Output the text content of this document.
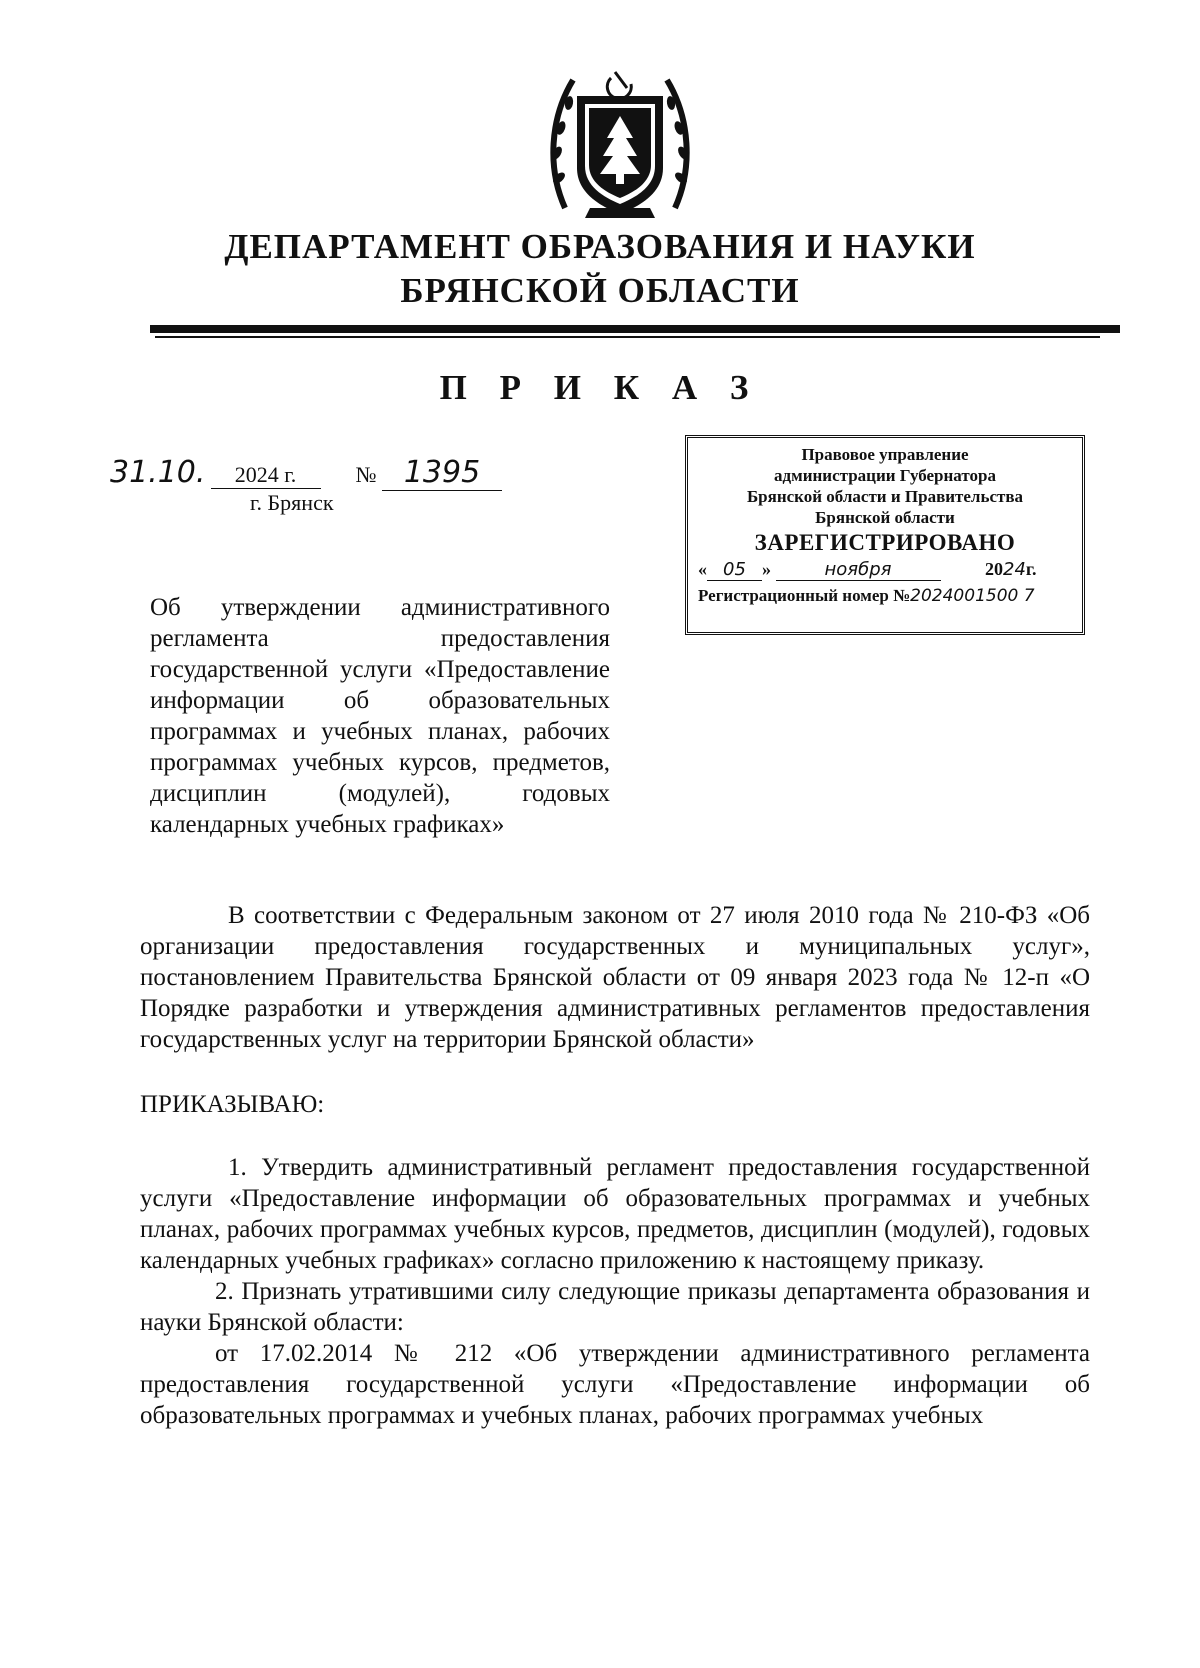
ДЕПАРТАМЕНТ ОБРАЗОВАНИЯ И НАУКИ
БРЯНСКОЙ ОБЛАСТИ
П Р И К А З
31.10. 2024 г.	№ 1395
г. Брянск
Правовое управление
администрации Губернатора
Брянской области и Правительства
Брянской области
ЗАРЕГИСТРИРОВАНО
« 05 »	ноября	2024г.
Регистрационный номер №2024001500 7
Об утверждении административного регламента предоставления государственной услуги «Предоставление информации об образовательных программах и учебных планах, рабочих программах учебных курсов, предметов, дисциплин (модулей), годовых календарных учебных графиках»

В соответствии с Федеральным законом от 27 июля 2010 года № 210-ФЗ «Об организации предоставления государственных и муниципальных услуг», постановлением Правительства Брянской области от 09 января 2023 года № 12-п «О Порядке разработки и утверждения административных регламентов предоставления государственных услуг на территории Брянской области»

ПРИКАЗЫВАЮ:

1. Утвердить административный регламент предоставления государственной услуги «Предоставление информации об образовательных программах и учебных планах, рабочих программах учебных курсов, предметов, дисциплин (модулей), годовых календарных учебных графиках» согласно приложению к настоящему приказу.

2. Признать утратившими силу следующие приказы департамента образования и науки Брянской области:

от 17.02.2014 № 212 «Об утверждении административного регламента предоставления государственной услуги «Предоставление информации об образовательных программах и учебных планах, рабочих программах учебных
